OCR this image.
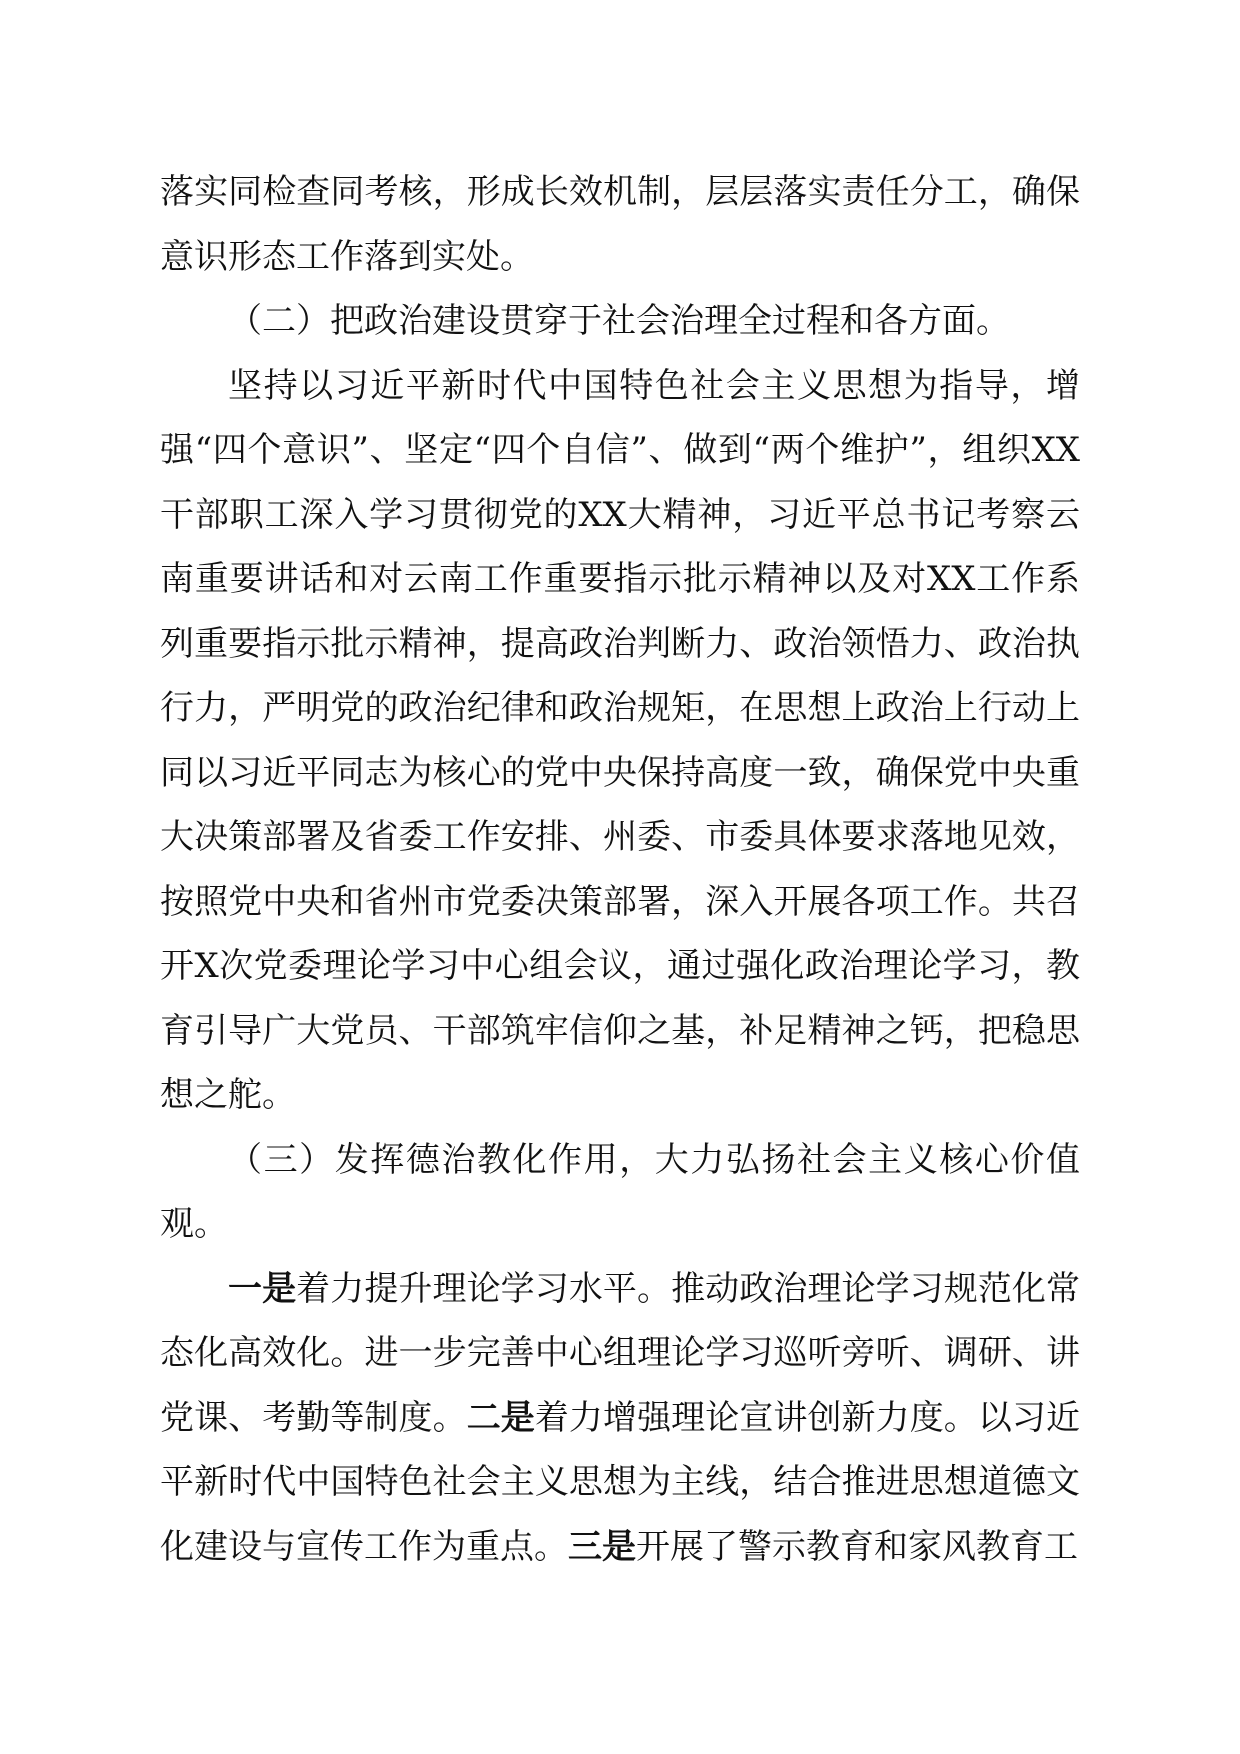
落实同检查同考核，形成长效机制，层层落实责任分工，确保意识形态工作落到实处。

（二）把政治建设贯穿于社会治理全过程和各方面。

坚持以习近平新时代中国特色社会主义思想为指导，增强“四个意识”、坚定“四个自信”、做到“两个维护”，组织XX干部职工深入学习贯彻党的XX大精神，习近平总书记考察云南重要讲话和对云南工作重要指示批示精神以及对XX工作系列重要指示批示精神，提高政治判断力、政治领悟力、政治执行力，严明党的政治纪律和政治规矩，在思想上政治上行动上同以习近平同志为核心的党中央保持高度一致，确保党中央重大决策部署及省委工作安排、州委、市委具体要求落地见效，按照党中央和省州市党委决策部署，深入开展各项工作。共召开X次党委理论学习中心组会议，通过强化政治理论学习，教育引导广大党员、干部筑牢信仰之基，补足精神之钙，把稳思想之舵。

（三）发挥德治教化作用，大力弘扬社会主义核心价值观。

一是着力提升理论学习水平。推动政治理论学习规范化常态化高效化。进一步完善中心组理论学习巡听旁听、调研、讲党课、考勤等制度。二是着力增强理论宣讲创新力度。以习近平新时代中国特色社会主义思想为主线，结合推进思想道德文化建设与宣传工作为重点。三是开展了警示教育和家风教育工
